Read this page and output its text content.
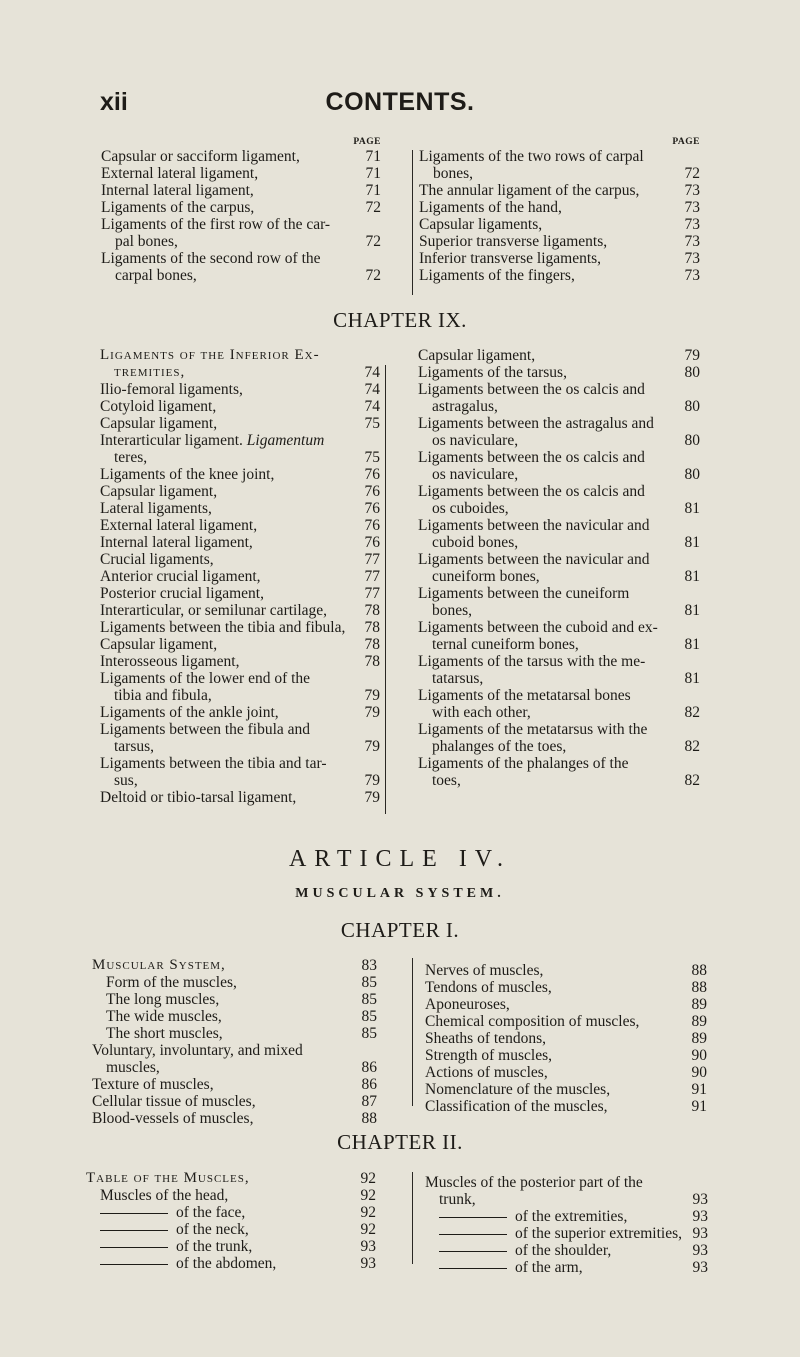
xii	CONTENTS.
PAGE
Capsular or sacciform ligament,	71
External lateral ligament,	71
Internal lateral ligament,	71
Ligaments of the carpus,	72
Ligaments of the first row of the car-
pal bones,	72
Ligaments of the second row of the
carpal bones,	72
PAGE
Ligaments of the two rows of carpal
bones,	72
The annular ligament of the carpus,	73
Ligaments of the hand,	73
Capsular ligaments,	73
Superior transverse ligaments,	73
Inferior transverse ligaments,	73
Ligaments of the fingers,	73
CHAPTER IX.
Ligaments of the Inferior Ex-
tremities,	74
Ilio-femoral ligaments,	74
Cotyloid ligament,	74
Capsular ligament,	75
Interarticular ligament. Ligamentum
teres,	75
Ligaments of the knee joint,	76
Capsular ligament,	76
Lateral ligaments,	76
External lateral ligament,	76
Internal lateral ligament,	76
Crucial ligaments,	77
Anterior crucial ligament,	77
Posterior crucial ligament,	77
Interarticular, or semilunar cartilage,	78
Ligaments between the tibia and fibula,	78
Capsular ligament,	78
Interosseous ligament,	78
Ligaments of the lower end of the
tibia and fibula,	79
Ligaments of the ankle joint,	79
Ligaments between the fibula and
tarsus,	79
Ligaments between the tibia and tar-
sus,	79
Deltoid or tibio-tarsal ligament,	79
Capsular ligament,	79
Ligaments of the tarsus,	80
Ligaments between the os calcis and
astragalus,	80
Ligaments between the astragalus and
os naviculare,	80
Ligaments between the os calcis and
os naviculare,	80
Ligaments between the os calcis and
os cuboides,	81
Ligaments between the navicular and
cuboid bones,	81
Ligaments between the navicular and
cuneiform bones,	81
Ligaments between the cuneiform
bones,	81
Ligaments between the cuboid and ex-
ternal cuneiform bones,	81
Ligaments of the tarsus with the me-
tatarsus,	81
Ligaments of the metatarsal bones
with each other,	82
Ligaments of the metatarsus with the
phalanges of the toes,	82
Ligaments of the phalanges of the
toes,	82
ARTICLE IV.
MUSCULAR SYSTEM.
CHAPTER I.
Muscular System,	83
Form of the muscles,	85
The long muscles,	85
The wide muscles,	85
The short muscles,	85
Voluntary, involuntary, and mixed
muscles,	86
Texture of muscles,	86
Cellular tissue of muscles,	87
Blood-vessels of muscles,	88
Nerves of muscles,	88
Tendons of muscles,	88
Aponeuroses,	89
Chemical composition of muscles,	89
Sheaths of tendons,	89
Strength of muscles,	90
Actions of muscles,	90
Nomenclature of the muscles,	91
Classification of the muscles,	91
CHAPTER II.
Table of the Muscles,	92
Muscles of the head,	92
of the face,	92
of the neck,	92
of the trunk,	93
of the abdomen,	93
Muscles of the posterior part of the
trunk,	93
of the extremities,	93
of the superior extremities, 93
of the shoulder,	93
of the arm,	93
